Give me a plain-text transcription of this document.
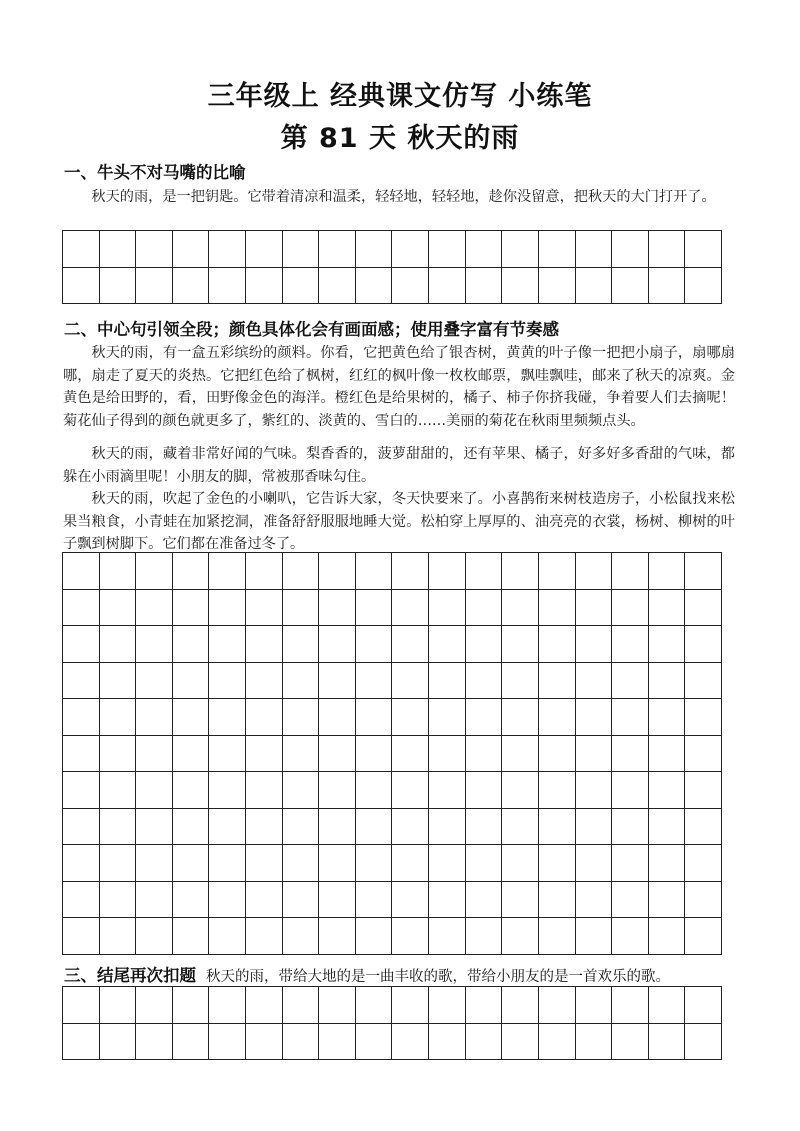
三年级上 经典课文仿写 小练笔
第 81 天 秋天的雨
一、牛头不对马嘴的比喻
秋天的雨，是一把钥匙。它带着清凉和温柔，轻轻地，轻轻地，趁你没留意，把秋天的大门打开了。
二、中心句引领全段；颜色具体化会有画面感；使用叠字富有节奏感
秋天的雨，有一盒五彩缤纷的颜料。你看，它把黄色给了银杏树，黄黄的叶子像一把把小扇子，扇哪扇哪，扇走了夏天的炎热。它把红色给了枫树，红红的枫叶像一枚枚邮票，飘哇飘哇，邮来了秋天的凉爽。金黄色是给田野的，看，田野像金色的海洋。橙红色是给果树的，橘子、柿子你挤我碰，争着要人们去摘呢！菊花仙子得到的颜色就更多了，紫红的、淡黄的、雪白的……美丽的菊花在秋雨里频频点头。
秋天的雨，藏着非常好闻的气味。梨香香的，菠萝甜甜的，还有苹果、橘子，好多好多香甜的气味，都躲在小雨滴里呢！小朋友的脚，常被那香味勾住。
秋天的雨，吹起了金色的小喇叭，它告诉大家，冬天快要来了。小喜鹊衔来树枝造房子，小松鼠找来松果当粮食，小青蛙在加紧挖洞，准备舒舒服服地睡大觉。松柏穿上厚厚的、油亮亮的衣裳，杨树、柳树的叶子飘到树脚下。它们都在准备过冬了。
三、结尾再次扣题 秋天的雨，带给大地的是一曲丰收的歌，带给小朋友的是一首欢乐的歌。
